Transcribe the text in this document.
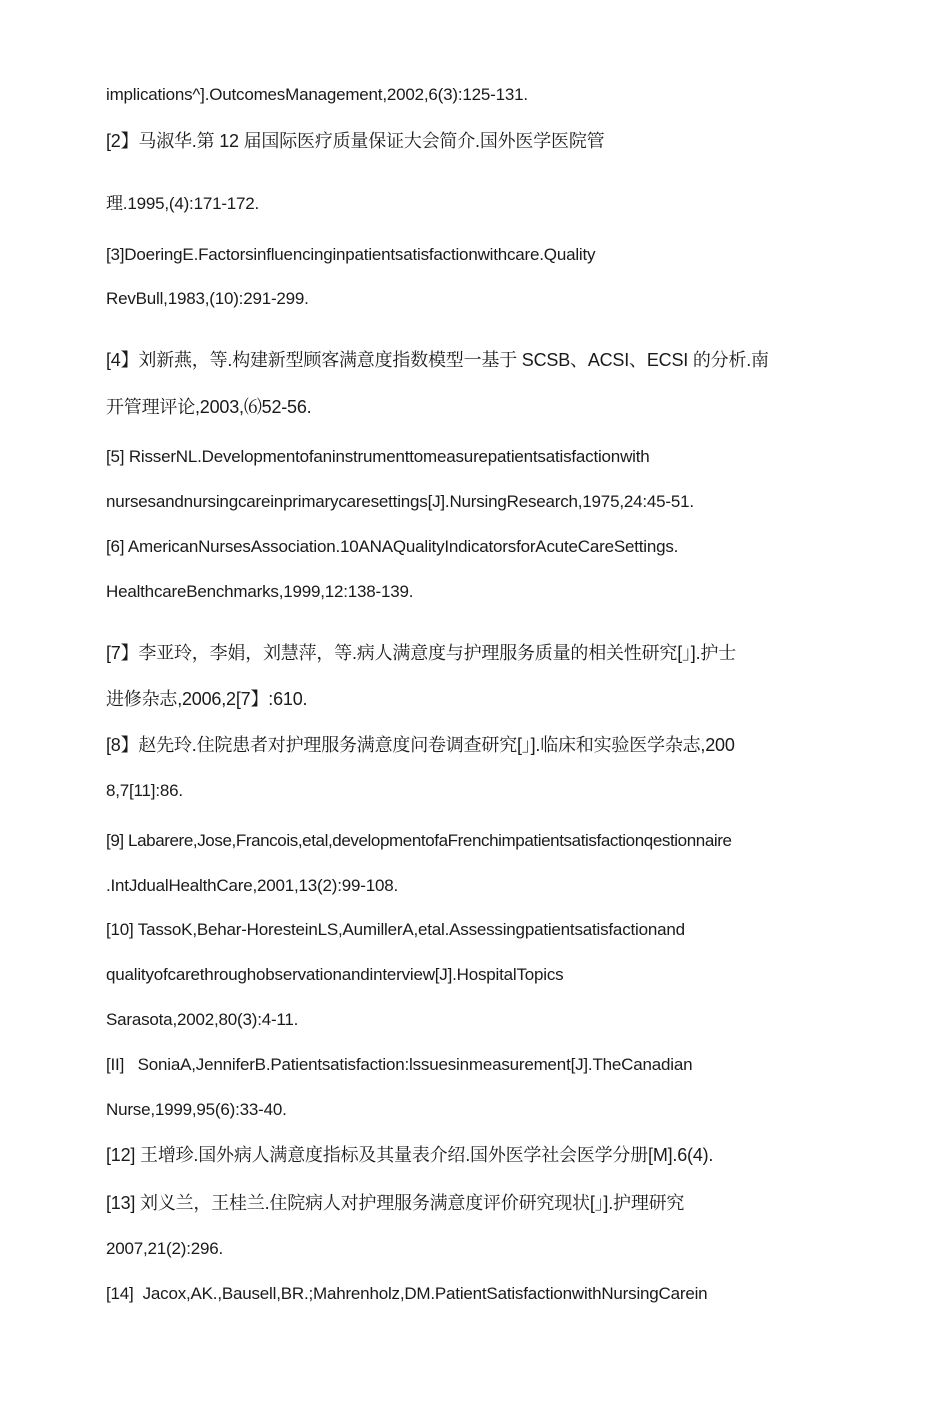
implications^].OutcomesManagement,2002,6(3):125-131.
[2】马淑华.第 12 届国际医疗质量保证大会简介.国外医学医院管
理.1995,(4):171-172.
[3]DoeringE.Factorsinfluencinginpatientsatisfactionwithcare.Quality
RevBull,1983,(10):291-299.
[4】刘新燕，等.构建新型顾客满意度指数模型一基于 SCSB、ACSI、ECSI 的分析.南
开管理评论,2003,⑹52-56.
[5] RisserNL.Developmentofaninstrumenttomeasurepatientsatisfactionwith
nursesandnursingcareinprimarycaresettings[J].NursingResearch,1975,24:45-51.
[6] AmericanNursesAssociation.10ANAQualityIndicatorsforAcuteCareSettings.
HealthcareBenchmarks,1999,12:138-139.
[7】李亚玲，李娟，刘慧萍，等.病人满意度与护理服务质量的相关性研究[」].护士
进修杂志,2006,2[7】:610.
[8】赵先玲.住院患者对护理服务满意度问卷调查研究[」].临床和实验医学杂志,200
8,7[11]:86.
[9] Labarere,Jose,Francois,etal,developmentofaFrenchimpatientsatisfactionqestionnaire
.IntJdualHealthCare,2001,13(2):99-108.
[10] TassoK,Behar-HoresteinLS,AumillerA,etal.Assessingpatientsatisfactionand
qualityofcarethroughobservationandinterview[J].HospitalTopics
Sarasota,2002,80(3):4-11.
[II]   SoniaA,JenniferB.Patientsatisfaction:lssuesinmeasurement[J].TheCanadian
Nurse,1999,95(6):33-40.
[12] 王增珍.国外病人满意度指标及其量表介绍.国外医学社会医学分册[M].6(4).
[13] 刘义兰，王桂兰.住院病人对护理服务满意度评价研究现状[」].护理研究
2007,21(2):296.
[14]  Jacox,AK.,Bausell,BR.;Mahrenholz,DM.PatientSatisfactionwithNursingCarein
